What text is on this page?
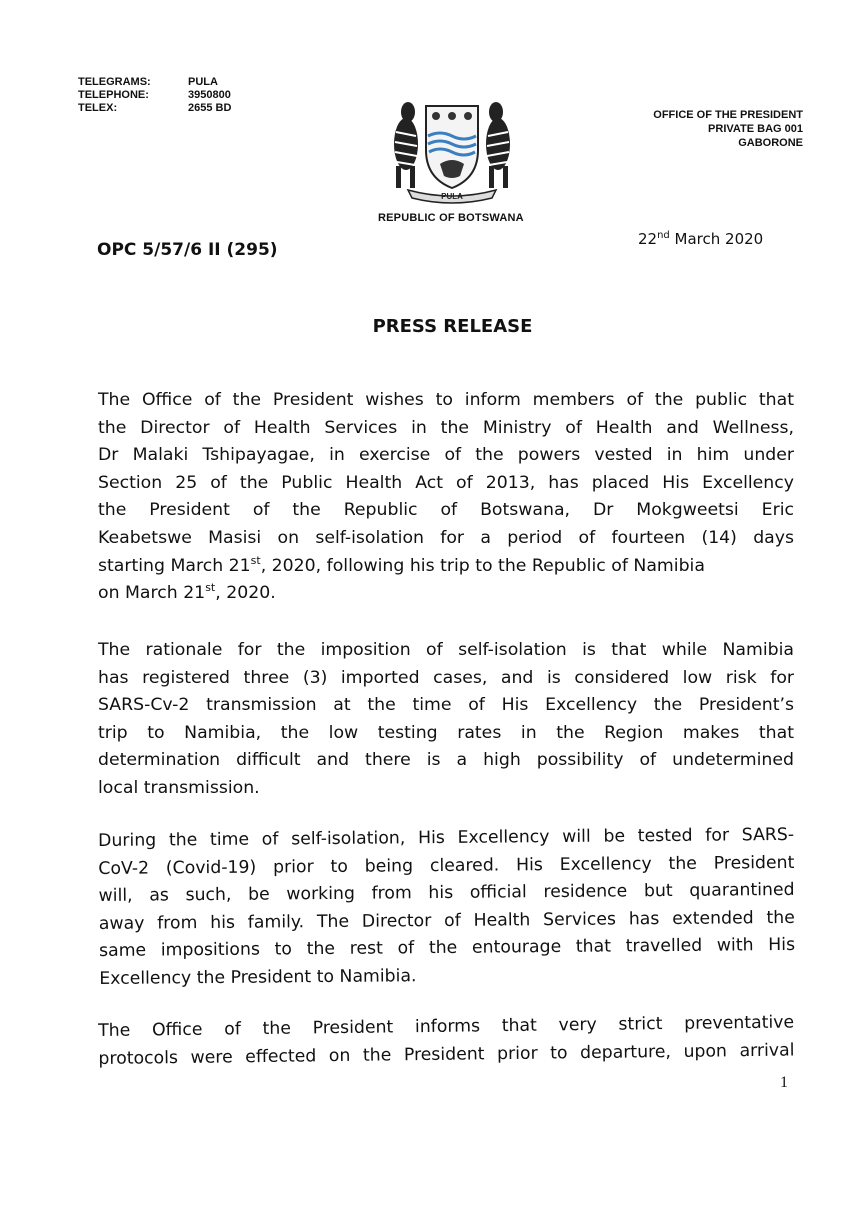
TELEGRAMS:	PULA
TELEPHONE:	3950800
TELEX:	2655 BD
PULA
REPUBLIC OF BOTSWANA
OFFICE OF THE PRESIDENT
PRIVATE BAG 001
GABORONE
OPC 5/57/6 II (295)
22nd March 2020
PRESS RELEASE
The Office of the President wishes to inform members of the public that
the Director of Health Services in the Ministry of Health and Wellness,
Dr Malaki Tshipayagae, in exercise of the powers vested in him under
Section 25 of the Public Health Act of 2013, has placed His Excellency
the President of the Republic of Botswana, Dr Mokgweetsi Eric
Keabetswe Masisi on self-isolation for a period of fourteen (14) days
starting March 21st, 2020, following his trip to the Republic of Namibia
on March 21st, 2020.
The rationale for the imposition of self-isolation is that while Namibia
has registered three (3) imported cases, and is considered low risk for
SARS-Cv-2 transmission at the time of His Excellency the President’s
trip to Namibia, the low testing rates in the Region makes that
determination difficult and there is a high possibility of undetermined
local transmission.
During the time of self-isolation, His Excellency will be tested for SARS-
CoV-2 (Covid-19) prior to being cleared. His Excellency the President
will, as such, be working from his official residence but quarantined
away from his family. The Director of Health Services has extended the
same impositions to the rest of the entourage that travelled with His
Excellency the President to Namibia.
The Office of the President informs that very strict preventative
protocols were effected on the President prior to departure, upon arrival
1
